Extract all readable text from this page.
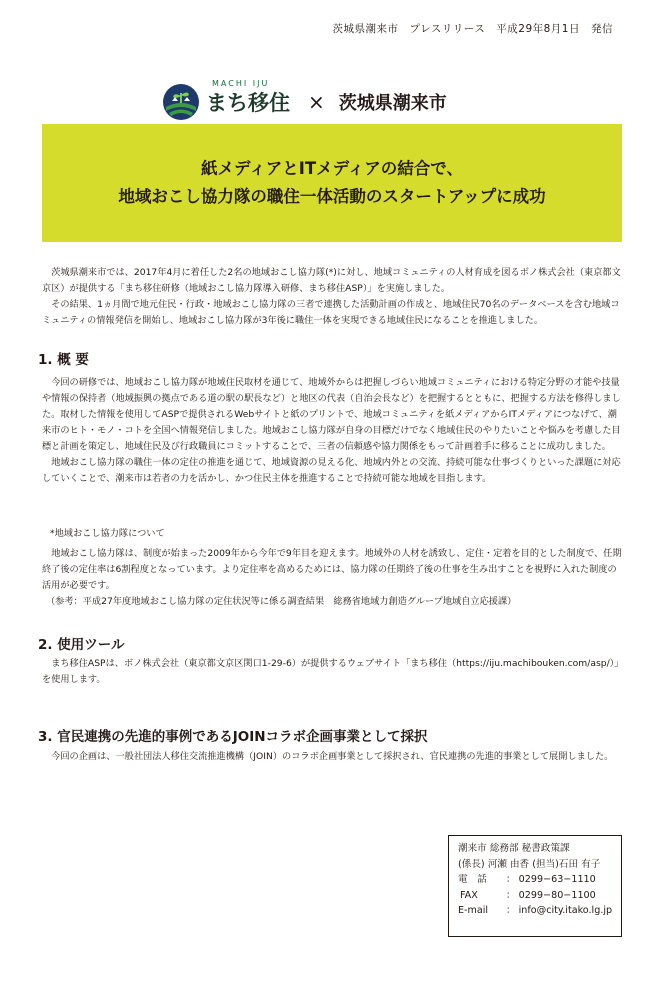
茨城県潮来市　プレスリリース　平成29年8月1日　発信
MACHI IJU
まち移住 × 茨城県潮来市
紙メディアとITメディアの結合で、
地域おこし協力隊の職住一体活動のスタートアップに成功

茨城県潮来市では、2017年4月に着任した2名の地域おこし協力隊(*)に対し、地域コミュニティの人材育成を図るボノ株式会社（東京都文京区）が提供する「まち移住研修（地域おこし協力隊導入研修、まち移住ASP）」を実施しました。

その結果、1ヵ月間で地元住民・行政・地域おこし協力隊の三者で連携した活動計画の作成と、地域住民70名のデータベースを含む地域コミュニティの情報発信を開始し、地域おこし協力隊が3年後に職住一体を実現できる地域住民になることを推進しました。

1. 概 要

今回の研修では、地域おこし協力隊が地域住民取材を通じて、地域外からは把握しづらい地域コミュニティにおける特定分野の才能や技量や情報の保持者（地域振興の拠点である道の駅の駅長など）と地区の代表（自治会長など）を把握するとともに、把握する方法を修得しました。取材した情報を使用してASPで提供されるWebサイトと紙のプリントで、地域コミュニティを紙メディアからITメディアにつなげて、潮来市のヒト・モノ・コトを全国へ情報発信しました。地域おこし協力隊が自身の目標だけでなく地域住民のやりたいことや悩みを考慮した目標と計画を策定し、地域住民及び行政職員にコミットすることで、三者の信頼感や協力関係をもって計画着手に移ることに成功しました。

地域おこし協力隊の職住一体の定住の推進を通じて、地域資源の見える化、地域内外との交流、持続可能な仕事づくりといった課題に対応していくことで、潮来市は若者の力を活かし、かつ住民主体を推進することで持続可能な地域を目指します。

*地域おこし協力隊について

地域おこし協力隊は、制度が始まった2009年から今年で9年目を迎えます。地域外の人材を誘致し、定住・定着を目的とした制度で、任期終了後の定住率は6割程度となっています。より定住率を高めるためには、協力隊の任期終了後の仕事を生み出すことを視野に入れた制度の活用が必要です。

（参考：平成27年度地域おこし協力隊の定住状況等に係る調査結果　総務省地域力創造グループ地域自立応援課）
2. 使用ツール

まち移住ASPは、ボノ株式会社（東京都文京区関口1-29-6）が提供するウェブサイト「まち移住（https://iju.machibouken.com/asp/）」を使用します。

3. 官民連携の先進的事例であるJOINコラボ企画事業として採択

今回の企画は、一般社団法人移住交流推進機構（JOIN）のコラボ企画事業として採択され、官民連携の先進的事業として展開しました。

潮来市 総務部 秘書政策課
(係長) 河瀬 由香 (担当)石田 有子
電　話	： 0299−63−1110
FAX	： 0299−80−1100
E-mail	： info@city.itako.lg.jp
